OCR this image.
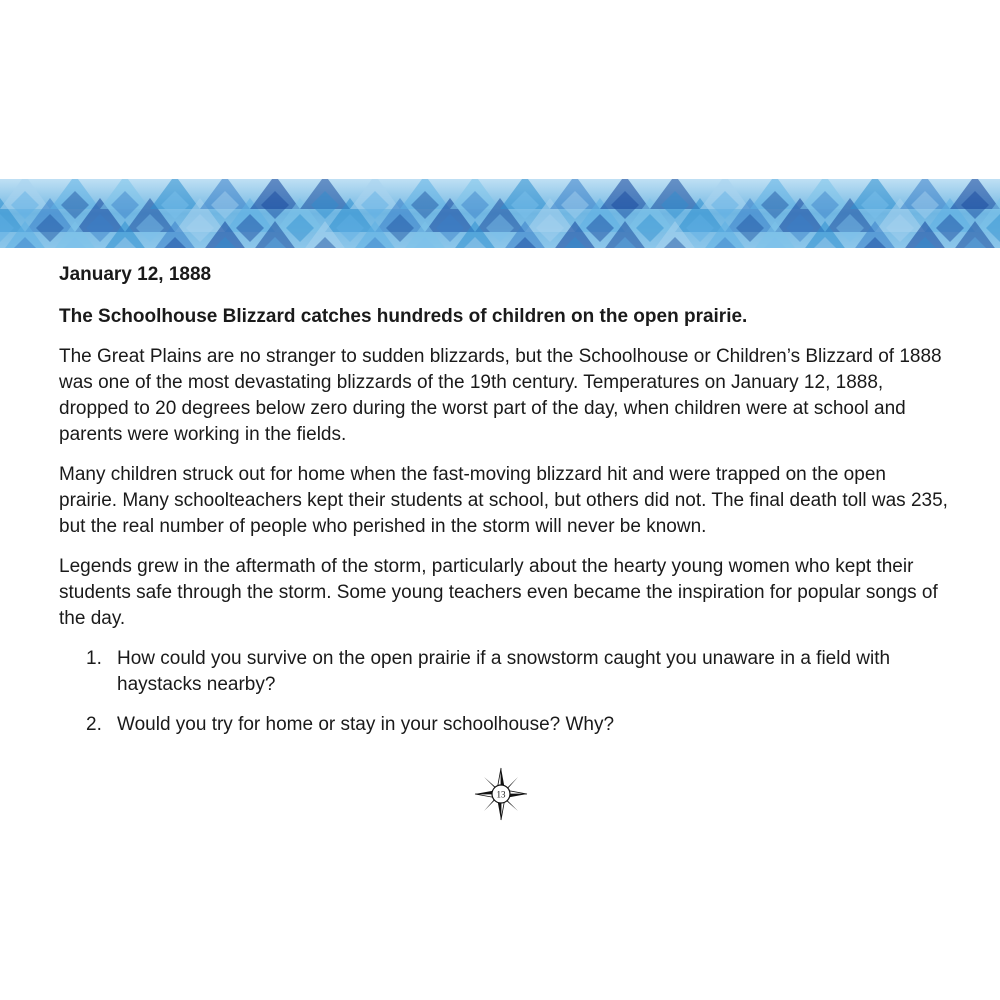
January 12, 1888

The Schoolhouse Blizzard catches hundreds of children on the open prairie.

The Great Plains are no stranger to sudden blizzards, but the Schoolhouse or Children’s Blizzard of 1888 was one of the most devastating blizzards of the 19th century. Temperatures on January 12, 1888, dropped to 20 degrees below zero during the worst part of the day, when children were at school and parents were working in the fields.

Many children struck out for home when the fast-moving blizzard hit and were trapped on the open prairie. Many schoolteachers kept their students at school, but others did not. The final death toll was 235, but the real number of people who perished in the storm will never be known.

Legends grew in the aftermath of the storm, particularly about the hearty young women who kept their students safe through the storm. Some young teachers even became the inspiration for popular songs of the day.

1. How could you survive on the open prairie if a snowstorm caught you unaware in a field with haystacks nearby?
2. Would you try for home or stay in your schoolhouse? Why?
13
